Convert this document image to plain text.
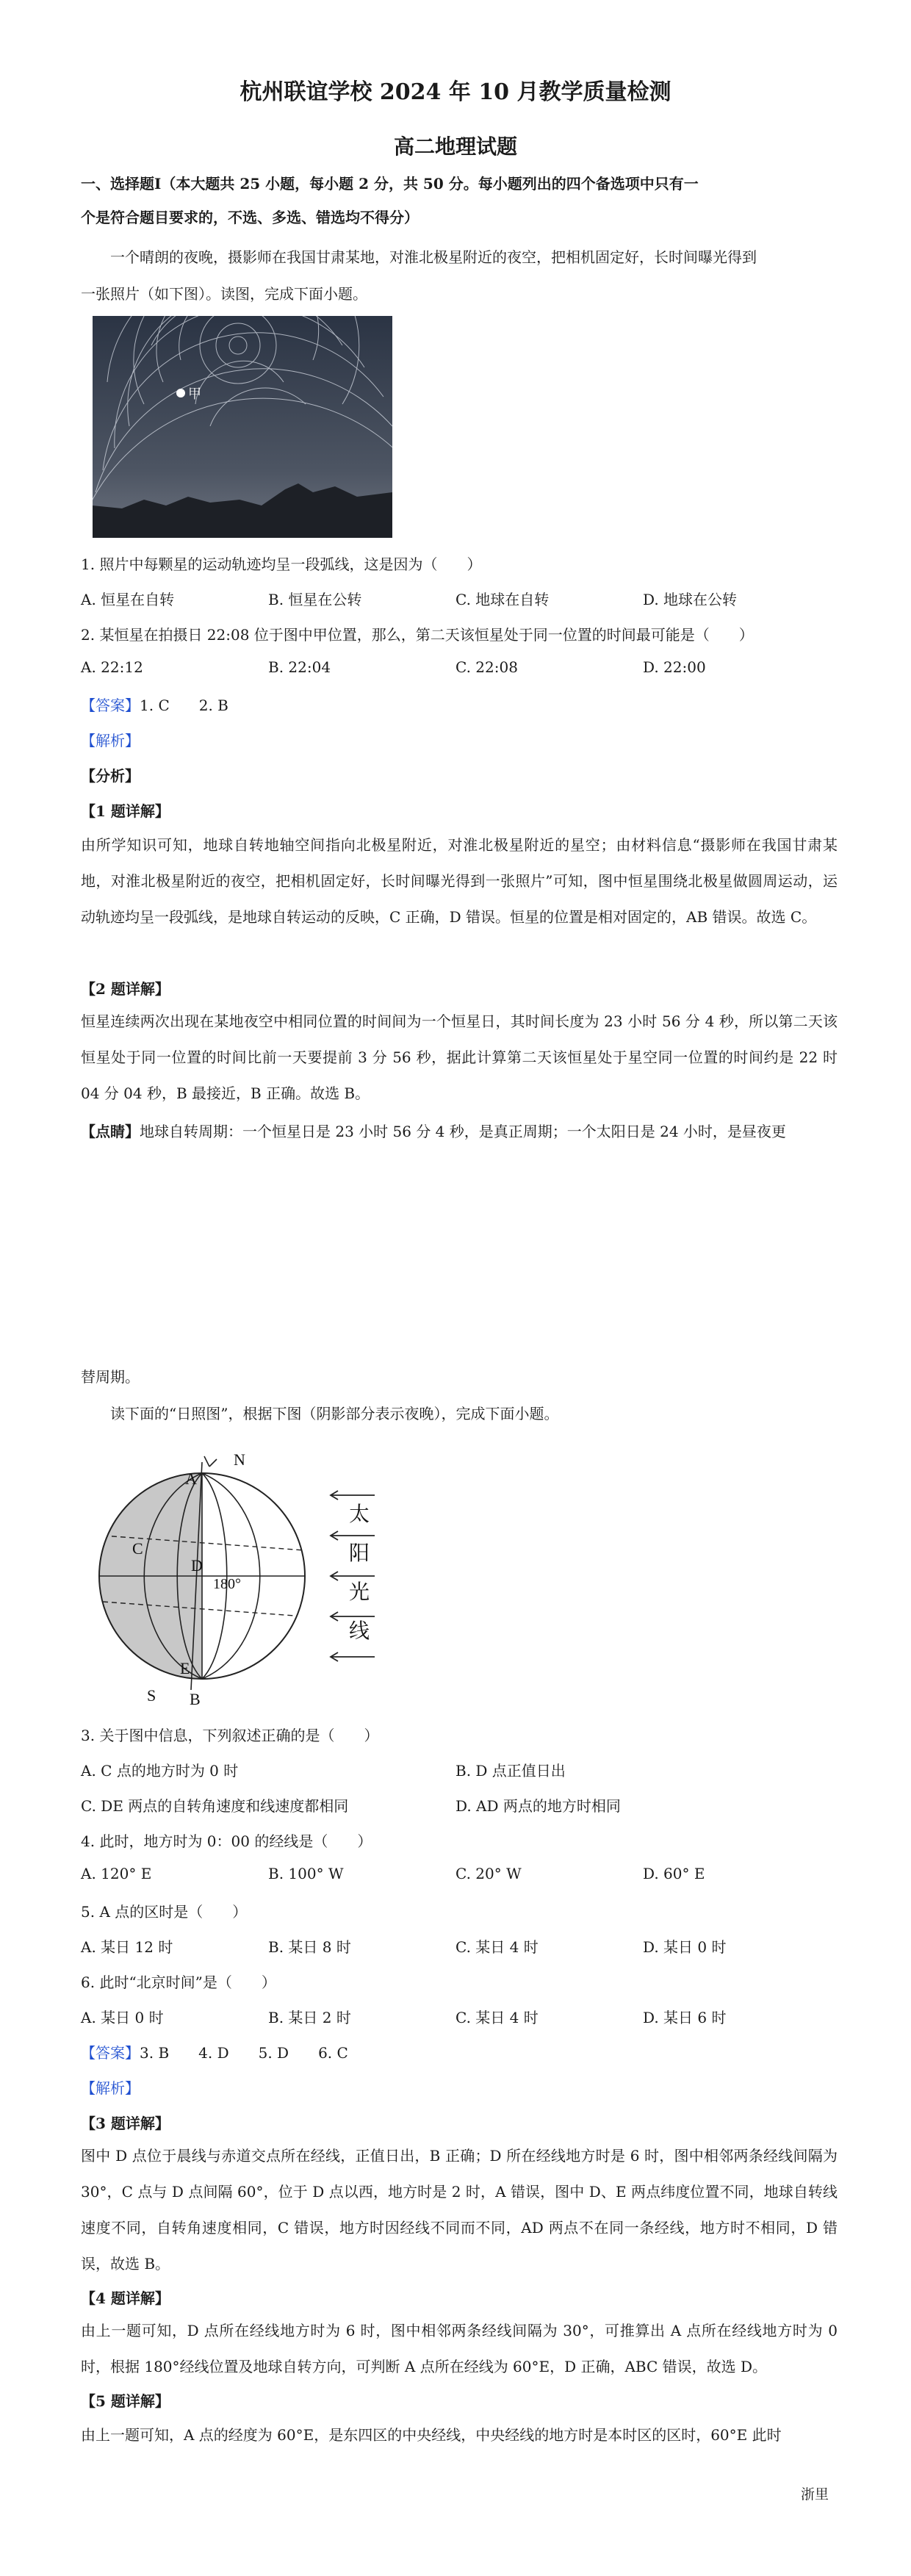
杭州联谊学校 2024 年 10 月教学质量检测
高二地理试题
一、选择题Ⅰ（本大题共 25 小题，每小题 2 分，共 50 分。每小题列出的四个备选项中只有一
个是符合题目要求的，不选、多选、错选均不得分）
一个晴朗的夜晚，摄影师在我国甘肃某地，对淮北极星附近的夜空，把相机固定好，长时间曝光得到
一张照片（如下图）。读图，完成下面小题。
甲
1. 照片中每颗星的运动轨迹均呈一段弧线，这是因为（　　）
A. 恒星在自转	B. 恒星在公转	C. 地球在自转	D. 地球在公转
2. 某恒星在拍摄日 22:08 位于图中甲位置，那么，第二天该恒星处于同一位置的时间最可能是（　　）
A. 22:12	B. 22:04	C. 22:08	D. 22:00
【答案】1. C　　2. B
【解析】
【分析】
【1 题详解】
由所学知识可知，地球自转地轴空间指向北极星附近，对淮北极星附近的星空；由材料信息“摄影师在我国甘肃某地，对淮北极星附近的夜空，把相机固定好，长时间曝光得到一张照片”可知，图中恒星围绕北极星做圆周运动，运动轨迹均呈一段弧线，是地球自转运动的反映，C 正确，D 错误。恒星的位置是相对固定的，AB 错误。故选 C。
【2 题详解】
恒星连续两次出现在某地夜空中相同位置的时间间为一个恒星日，其时间长度为 23 小时 56 分 4 秒，所以第二天该恒星处于同一位置的时间比前一天要提前 3 分 56 秒，据此计算第二天该恒星处于星空同一位置的时间约是 22 时 04 分 04 秒，B 最接近，B 正确。故选 B。
【点睛】地球自转周期：一个恒星日是 23 小时 56 分 4 秒，是真正周期；一个太阳日是 24 小时，是昼夜更
替周期。
读下面的“日照图”，根据下图（阴影部分表示夜晚），完成下面小题。
N
A
C
D
180°
E
S B
太
阳
光
线
3. 关于图中信息，下列叙述正确的是（　　）
A. C 点的地方时为 0 时	B. D 点正值日出
C. DE 两点的自转角速度和线速度都相同	D. AD 两点的地方时相同
4. 此时，地方时为 0：00 的经线是（　　）
A. 120° E	B. 100° W	C. 20° W	D. 60° E
5. A 点的区时是（　　）
A. 某日 12 时	B. 某日 8 时	C. 某日 4 时	D. 某日 0 时
6. 此时“北京时间”是（　　）
A. 某日 0 时	B. 某日 2 时	C. 某日 4 时	D. 某日 6 时
【答案】3. B　　4. D　　5. D　　6. C
【解析】
【3 题详解】
图中 D 点位于晨线与赤道交点所在经线，正值日出，B 正确；D 所在经线地方时是 6 时，图中相邻两条经线间隔为 30°，C 点与 D 点间隔 60°，位于 D 点以西，地方时是 2 时，A 错误，图中 D、E 两点纬度位置不同，地球自转线速度不同，自转角速度相同，C 错误，地方时因经线不同而不同，AD 两点不在同一条经线，地方时不相同，D 错误，故选 B。
【4 题详解】
由上一题可知，D 点所在经线地方时为 6 时，图中相邻两条经线间隔为 30°，可推算出 A 点所在经线地方时为 0 时，根据 180°经线位置及地球自转方向，可判断 A 点所在经线为 60°E，D 正确，ABC 错误，故选 D。
【5 题详解】
由上一题可知，A 点的经度为 60°E，是东四区的中央经线，中央经线的地方时是本时区的区时，60°E 此时
浙里
